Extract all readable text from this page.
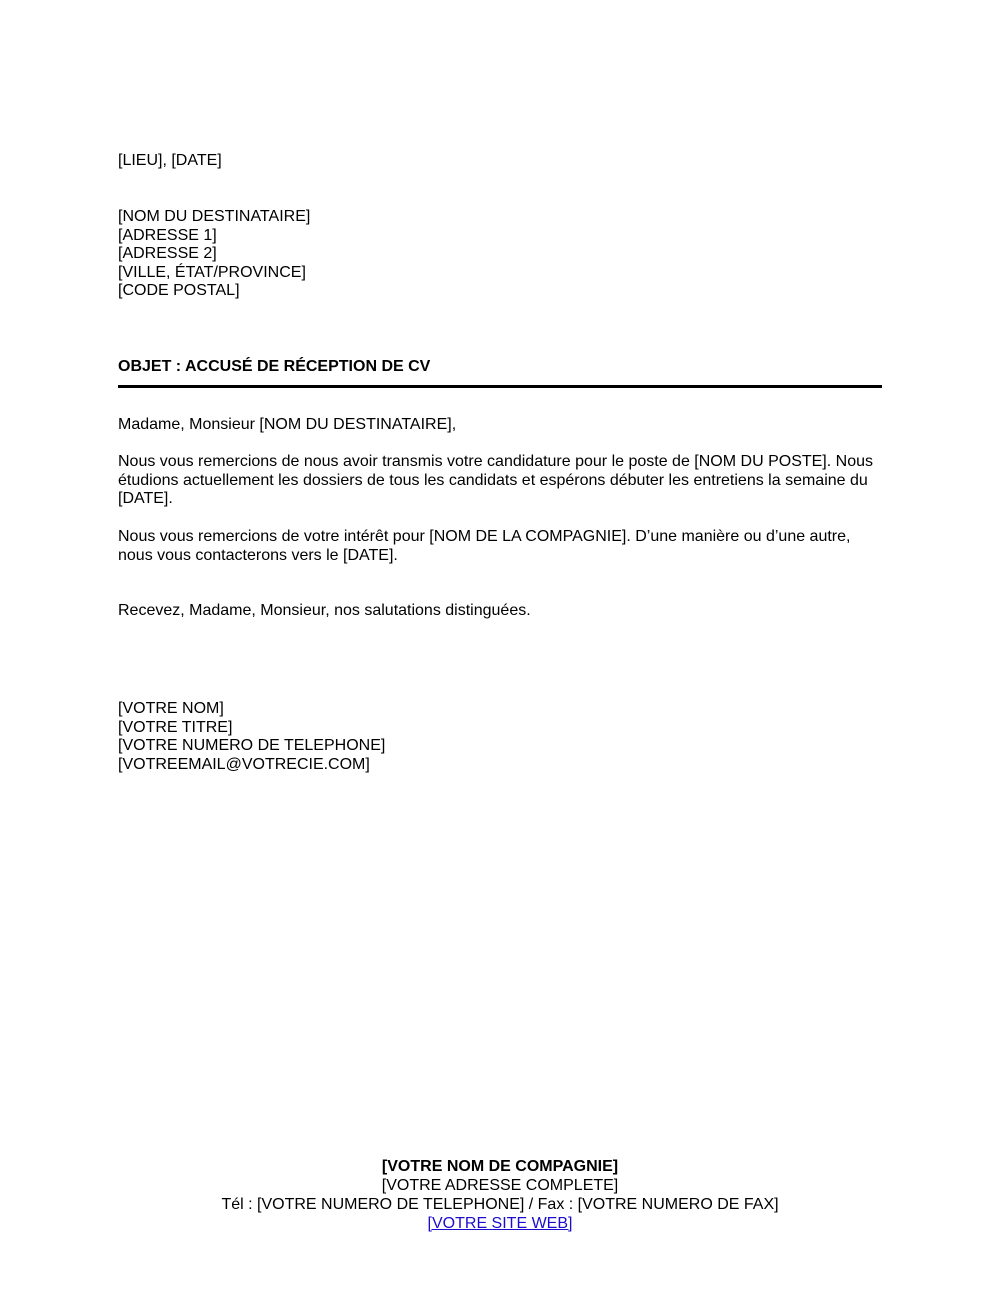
[LIEU], [DATE]
[NOM DU DESTINATAIRE]
[ADRESSE 1]
[ADRESSE 2]
[VILLE, ÉTAT/PROVINCE]
[CODE POSTAL]
OBJET : ACCUSÉ DE RÉCEPTION DE CV
Madame, Monsieur [NOM DU DESTINATAIRE],
Nous vous remercions de nous avoir transmis votre candidature pour le poste de [NOM DU POSTE]. Nous étudions actuellement les dossiers de tous les candidats et espérons débuter les entretiens la semaine du [DATE].
Nous vous remercions de votre intérêt pour [NOM DE LA COMPAGNIE]. D’une manière ou d’une autre, nous vous contacterons vers le [DATE].
Recevez, Madame, Monsieur, nos salutations distinguées.
[VOTRE NOM]
[VOTRE TITRE]
[VOTRE NUMERO DE TELEPHONE]
[VOTREEMAIL@VOTRECIE.COM]
[VOTRE NOM DE COMPAGNIE]
[VOTRE ADRESSE COMPLETE]
Tél : [VOTRE NUMERO DE TELEPHONE] / Fax : [VOTRE NUMERO DE FAX]
[VOTRE SITE WEB]
